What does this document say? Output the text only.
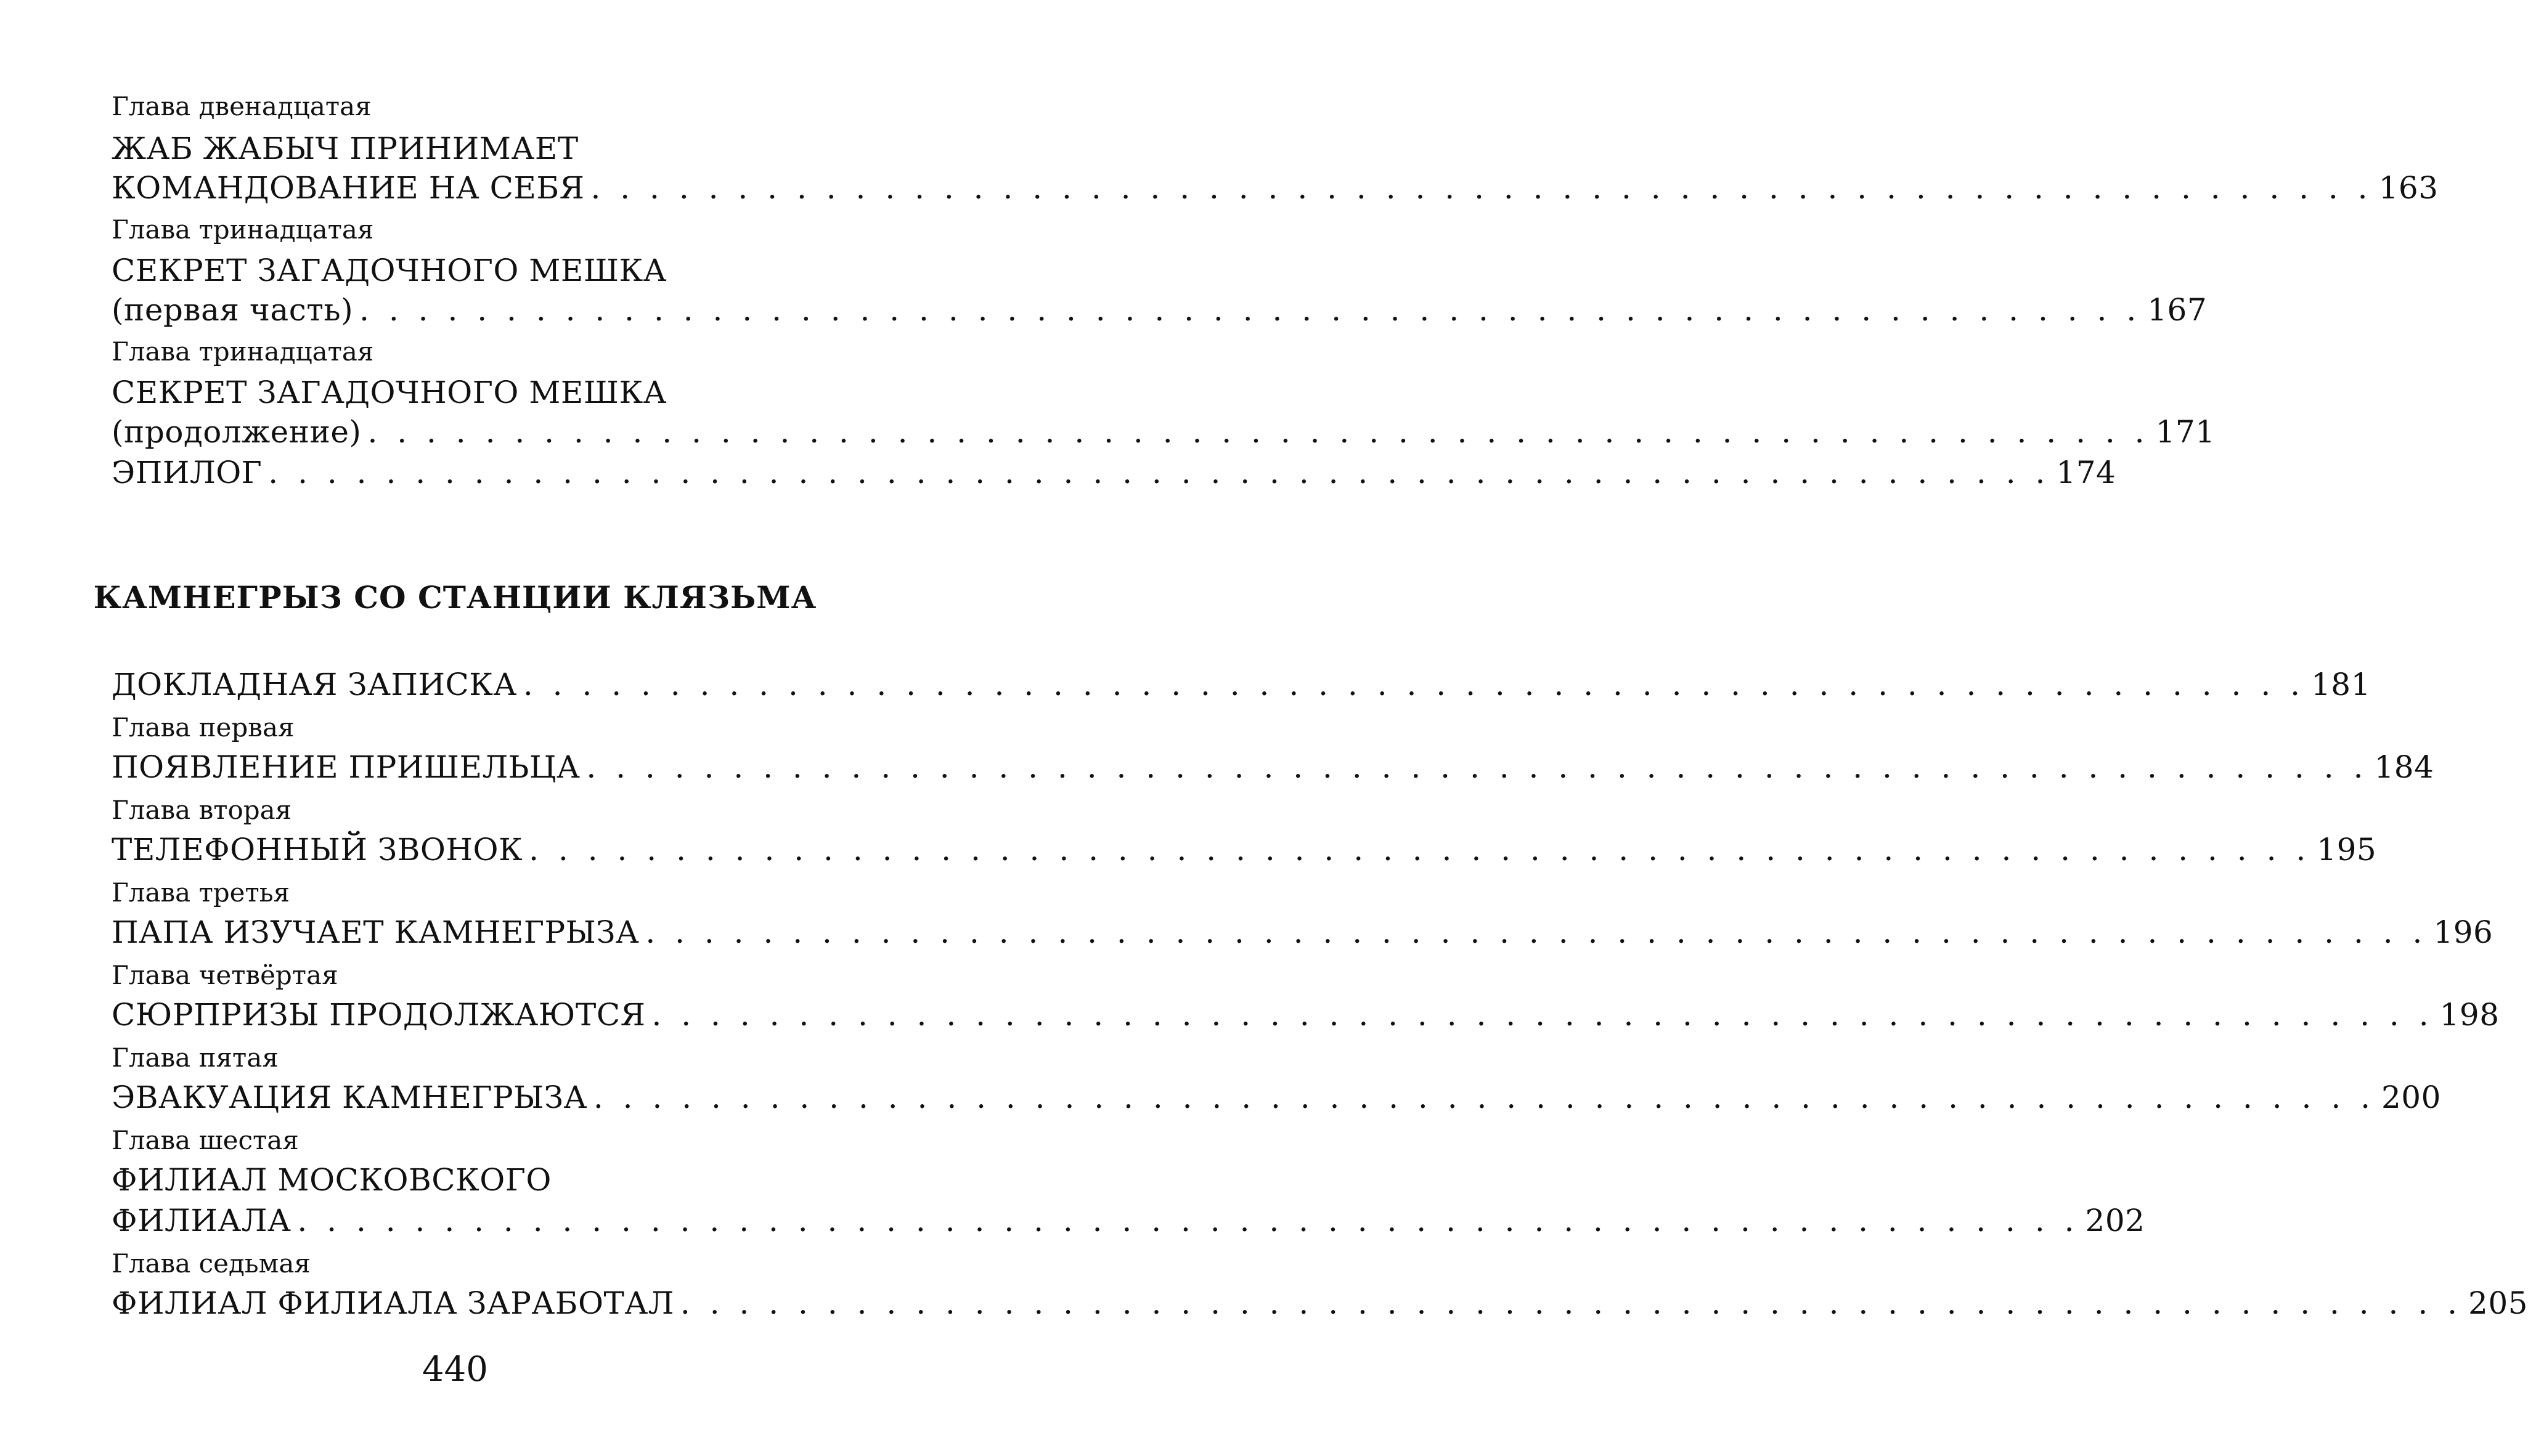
Глава двенадцатая
ЖАБ ЖАБЫЧ ПРИНИМАЕТ
КОМАНДОВАНИЕ НА СЕБЯ . . . . . . . . . . . . . . . . . . . . . . . . . . . . . . . . . . . . . . . . . . . . . . . . . . . . . . . . . . . . . 163
Глава тринадцатая
СЕКРЕТ ЗАГАДОЧНОГО МЕШКА
(первая часть) . . . . . . . . . . . . . . . . . . . . . . . . . . . . . . . . . . . . . . . . . . . . . . . . . . . . . . . . . . . . . 167
Глава тринадцатая
СЕКРЕТ ЗАГАДОЧНОГО МЕШКА
(продолжение) . . . . . . . . . . . . . . . . . . . . . . . . . . . . . . . . . . . . . . . . . . . . . . . . . . . . . . . . . . . . . 171
ЭПИЛОГ . . . . . . . . . . . . . . . . . . . . . . . . . . . . . . . . . . . . . . . . . . . . . . . . . . . . . . . . . . . . . 174
КАМНЕГРЫЗ СО СТАНЦИИ КЛЯЗЬМА
ДОКЛАДНАЯ ЗАПИСКА . . . . . . . . . . . . . . . . . . . . . . . . . . . . . . . . . . . . . . . . . . . . . . . . . . . . . . . . . . . . . 181
Глава первая
ПОЯВЛЕНИЕ ПРИШЕЛЬЦА . . . . . . . . . . . . . . . . . . . . . . . . . . . . . . . . . . . . . . . . . . . . . . . . . . . . . . . . . . . . . 184
Глава вторая
ТЕЛЕФОННЫЙ ЗВОНОК . . . . . . . . . . . . . . . . . . . . . . . . . . . . . . . . . . . . . . . . . . . . . . . . . . . . . . . . . . . . . 195
Глава третья
ПАПА ИЗУЧАЕТ КАМНЕГРЫЗА . . . . . . . . . . . . . . . . . . . . . . . . . . . . . . . . . . . . . . . . . . . . . . . . . . . . . . . . . . . . . 196
Глава четвёртая
СЮРПРИЗЫ ПРОДОЛЖАЮТСЯ . . . . . . . . . . . . . . . . . . . . . . . . . . . . . . . . . . . . . . . . . . . . . . . . . . . . . . . . . . . . . 198
Глава пятая
ЭВАКУАЦИЯ КАМНЕГРЫЗА . . . . . . . . . . . . . . . . . . . . . . . . . . . . . . . . . . . . . . . . . . . . . . . . . . . . . . . . . . . . . 200
Глава шестая
ФИЛИАЛ МОСКОВСКОГО
ФИЛИАЛА . . . . . . . . . . . . . . . . . . . . . . . . . . . . . . . . . . . . . . . . . . . . . . . . . . . . . . . . . . . . . 202
Глава седьмая
ФИЛИАЛ ФИЛИАЛА ЗАРАБОТАЛ . . . . . . . . . . . . . . . . . . . . . . . . . . . . . . . . . . . . . . . . . . . . . . . . . . . . . . . . . . . . . 205
440
